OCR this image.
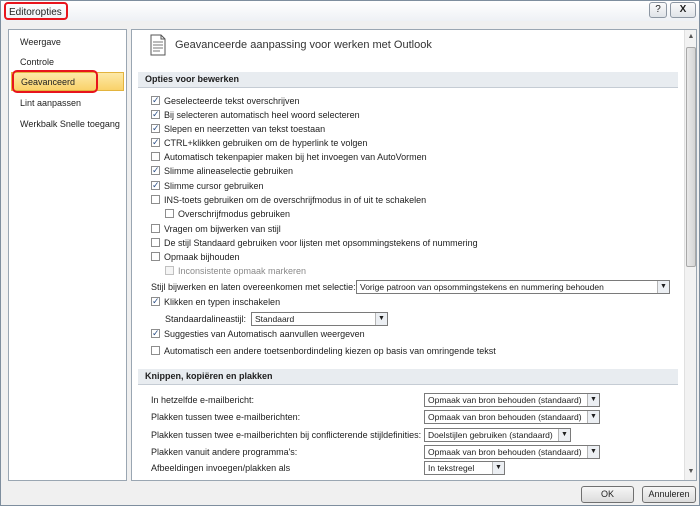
Editoropties	?	X
Weergave
Controle
Geavanceerd
Lint aanpassen
Werkbalk Snelle toegang
Geavanceerde aanpassing voor werken met Outlook
Opties voor bewerken
✓Geselecteerde tekst overschrijven
✓Bij selecteren automatisch heel woord selecteren
✓Slepen en neerzetten van tekst toestaan
✓CTRL+klikken gebruiken om de hyperlink te volgen
Automatisch tekenpapier maken bij het invoegen van AutoVormen
✓Slimme alineaselectie gebruiken
✓Slimme cursor gebruiken
INS-toets gebruiken om de overschrijfmodus in of uit te schakelen
Overschrijfmodus gebruiken
Vragen om bijwerken van stijl
De stijl Standaard gebruiken voor lijsten met opsommingstekens of nummering
Opmaak bijhouden
Inconsistente opmaak markeren
Stijl bijwerken en laten overeenkomen met selectie: Vorige patroon van opsommingstekens en nummering behouden	▼
✓Klikken en typen inschakelen
Standaardalineastijl:	Standaard	▼
✓Suggesties van Automatisch aanvullen weergeven
Automatisch een andere toetsenbordindeling kiezen op basis van omringende tekst
Knippen, kopiëren en plakken
In hetzelfde e-mailbericht:	Opmaak van bron behouden (standaard)	▼
Plakken tussen twee e-mailberichten:	Opmaak van bron behouden (standaard)	▼
Plakken tussen twee e-mailberichten bij conflicterende stijldefinities: Doelstijlen gebruiken (standaard)	▼
Plakken vanuit andere programma's:	Opmaak van bron behouden (standaard)	▼
Afbeeldingen invoegen/plakken als	In tekstregel	▼
▲
▼
OK	Annuleren
